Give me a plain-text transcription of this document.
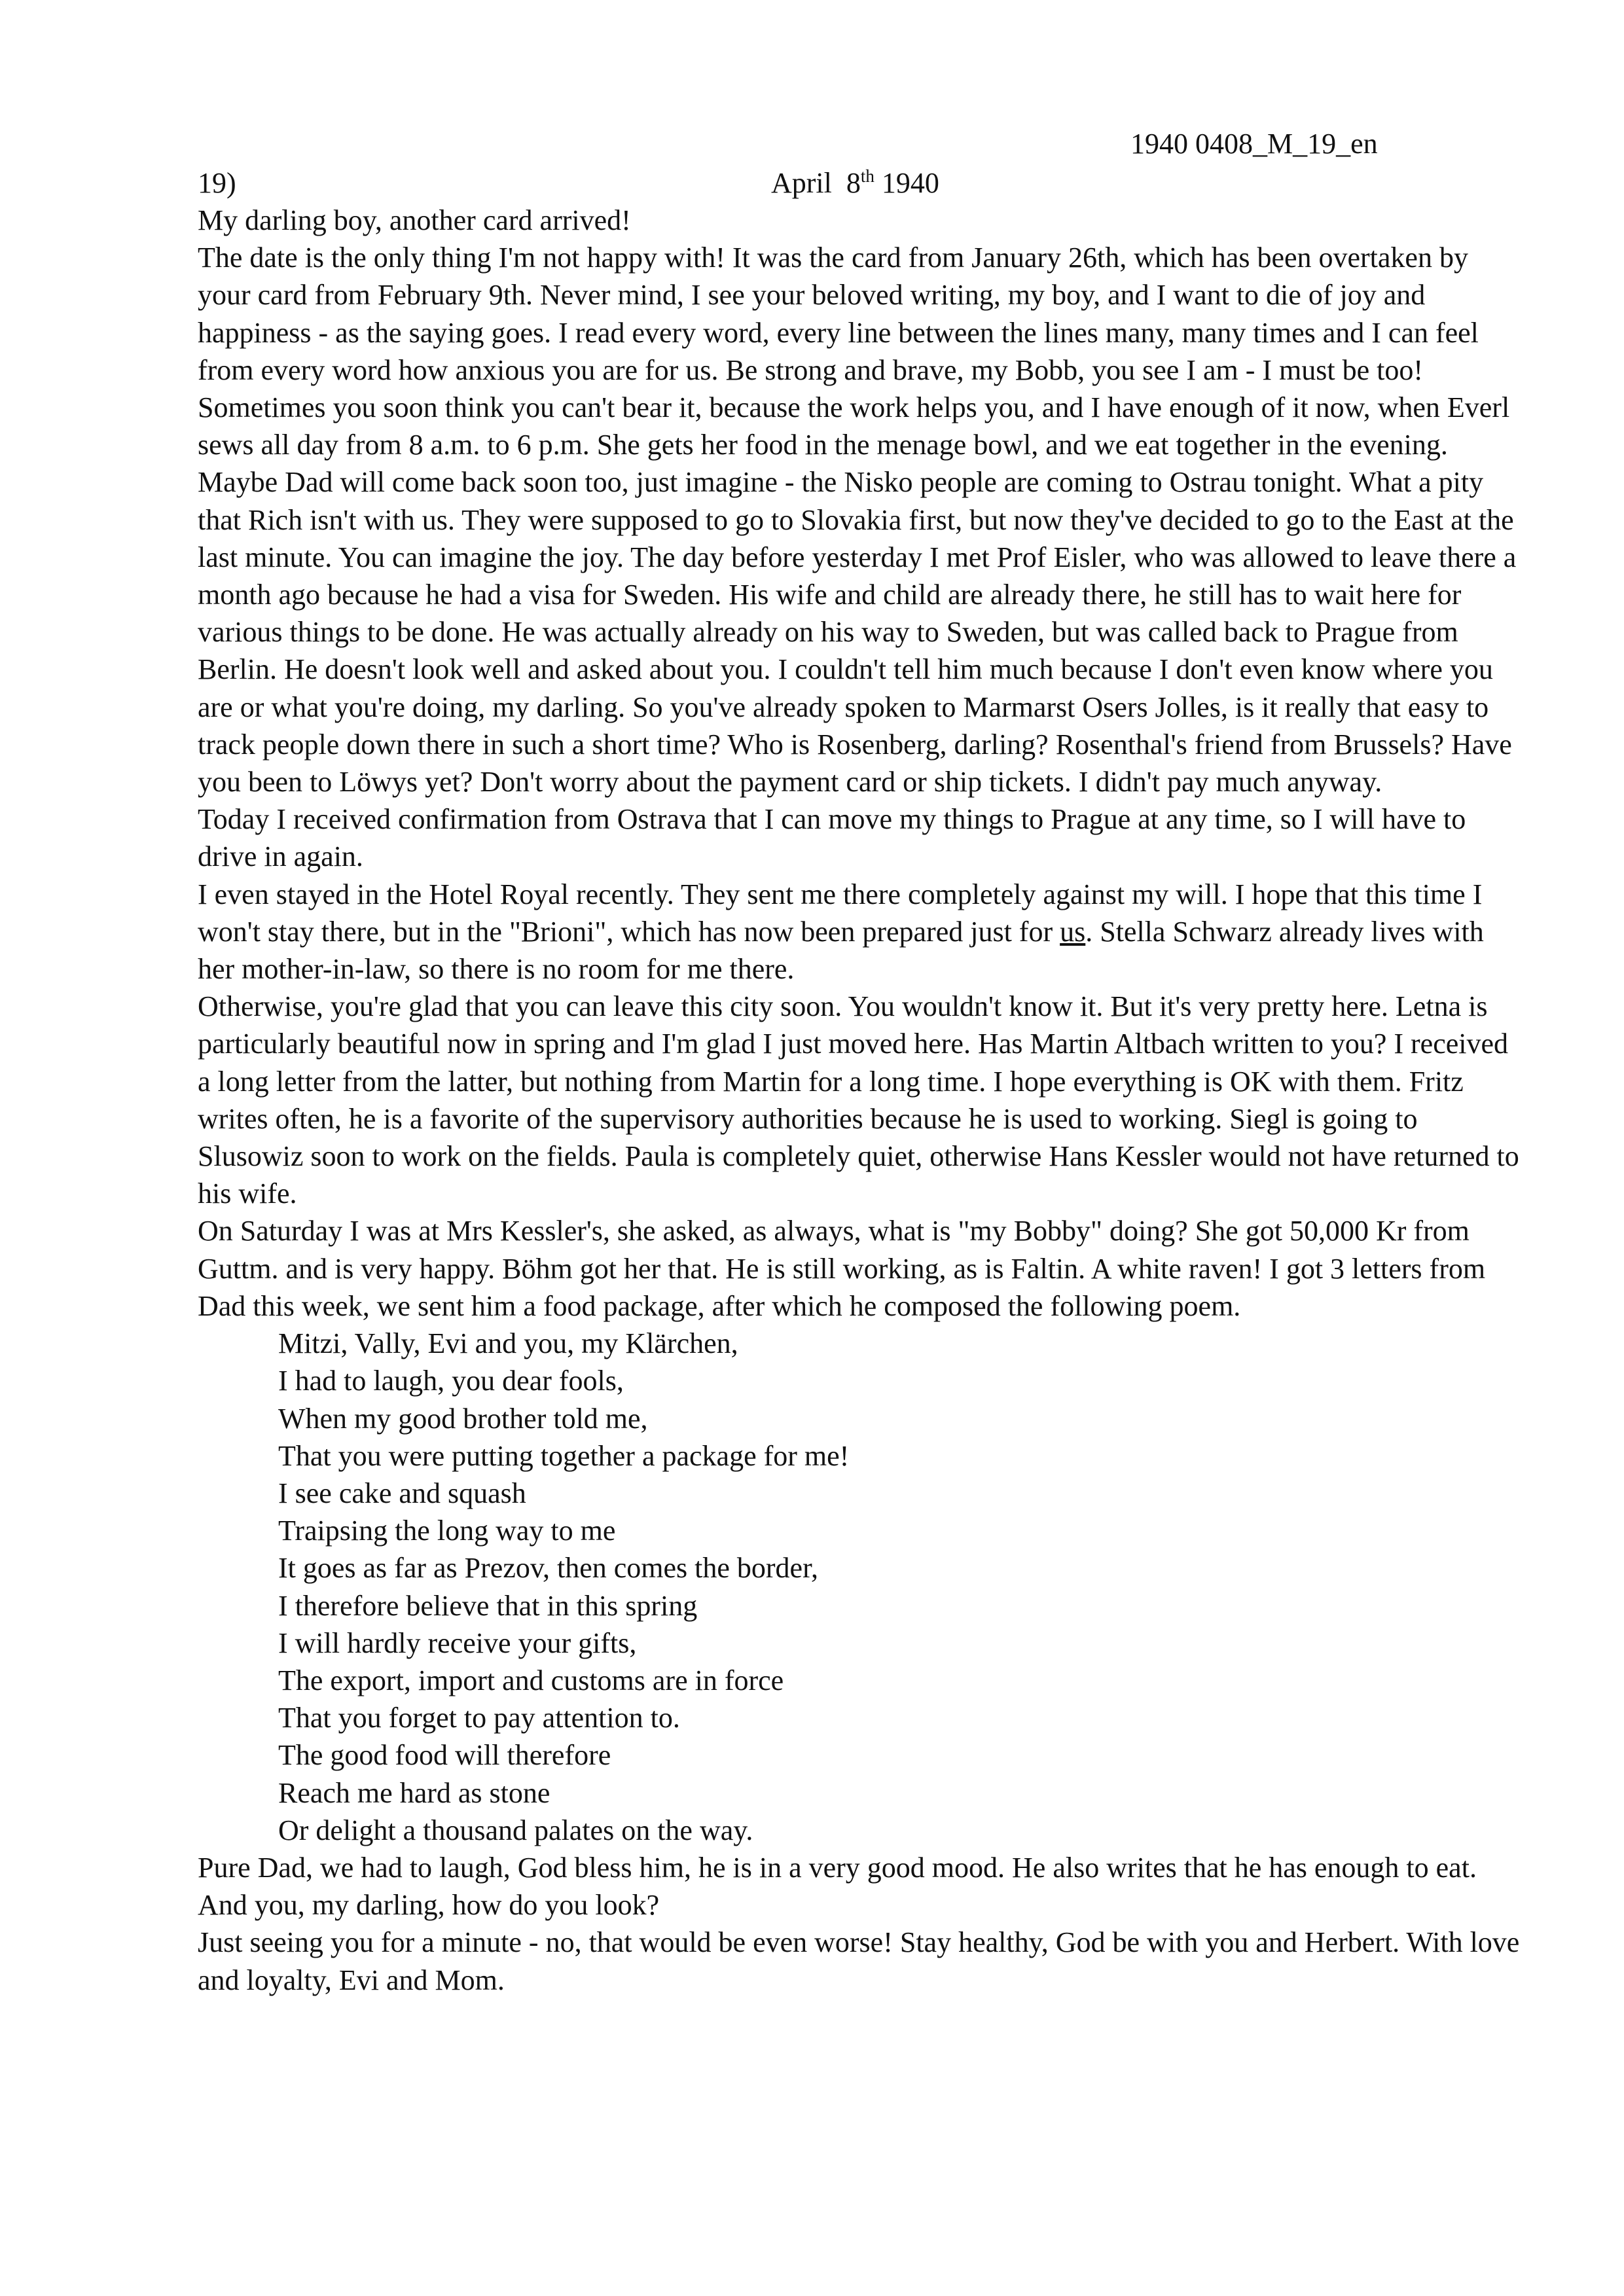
1940 0408_M_19_en
19)	April 8th 1940

My darling boy, another card arrived!

The date is the only thing I'm not happy with! It was the card from January 26th, which has been overtaken by your card from February 9th. Never mind, I see your beloved writing, my boy, and I want to die of joy and happiness - as the saying goes. I read every word, every line between the lines many, many times and I can feel from every word how anxious you are for us. Be strong and brave, my Bobb, you see I am - I must be too! Sometimes you soon think you can't bear it, because the work helps you, and I have enough of it now, when Everl sews all day from 8 a.m. to 6 p.m. She gets her food in the menage bowl, and we eat together in the evening.

Maybe Dad will come back soon too, just imagine - the Nisko people are coming to Ostrau tonight. What a pity that Rich isn't with us. They were supposed to go to Slovakia first, but now they've decided to go to the East at the last minute. You can imagine the joy. The day before yesterday I met Prof Eisler, who was allowed to leave there a month ago because he had a visa for Sweden. His wife and child are already there, he still has to wait here for various things to be done. He was actually already on his way to Sweden, but was called back to Prague from Berlin. He doesn't look well and asked about you. I couldn't tell him much because I don't even know where you are or what you're doing, my darling. So you've already spoken to Marmarst Osers Jolles, is it really that easy to track people down there in such a short time? Who is Rosenberg, darling? Rosenthal's friend from Brussels? Have you been to Löwys yet? Don't worry about the payment card or ship tickets. I didn't pay much anyway.

Today I received confirmation from Ostrava that I can move my things to Prague at any time, so I will have to drive in again.

I even stayed in the Hotel Royal recently. They sent me there completely against my will. I hope that this time I won't stay there, but in the "Brioni", which has now been prepared just for us. Stella Schwarz already lives with her mother-in-law, so there is no room for me there.

Otherwise, you're glad that you can leave this city soon. You wouldn't know it. But it's very pretty here. Letna is particularly beautiful now in spring and I'm glad I just moved here. Has Martin Altbach written to you? I received a long letter from the latter, but nothing from Martin for a long time. I hope everything is OK with them. Fritz writes often, he is a favorite of the supervisory authorities because he is used to working. Siegl is going to Slusowiz soon to work on the fields. Paula is completely quiet, otherwise Hans Kessler would not have returned to his wife.

On Saturday I was at Mrs Kessler's, she asked, as always, what is "my Bobby" doing? She got 50,000 Kr from Guttm. and is very happy. Böhm got her that. He is still working, as is Faltin. A white raven! I got 3 letters from Dad this week, we sent him a food package, after which he composed the following poem.

Mitzi, Vally, Evi and you, my Klärchen,
I had to laugh, you dear fools,
When my good brother told me,
That you were putting together a package for me!
I see cake and squash
Traipsing the long way to me
It goes as far as Prezov, then comes the border,
I therefore believe that in this spring
I will hardly receive your gifts,
The export, import and customs are in force
That you forget to pay attention to.
The good food will therefore
Reach me hard as stone
Or delight a thousand palates on the way.

Pure Dad, we had to laugh, God bless him, he is in a very good mood. He also writes that he has enough to eat. And you, my darling, how do you look?

Just seeing you for a minute - no, that would be even worse! Stay healthy, God be with you and Herbert. With love and loyalty, Evi and Mom.
